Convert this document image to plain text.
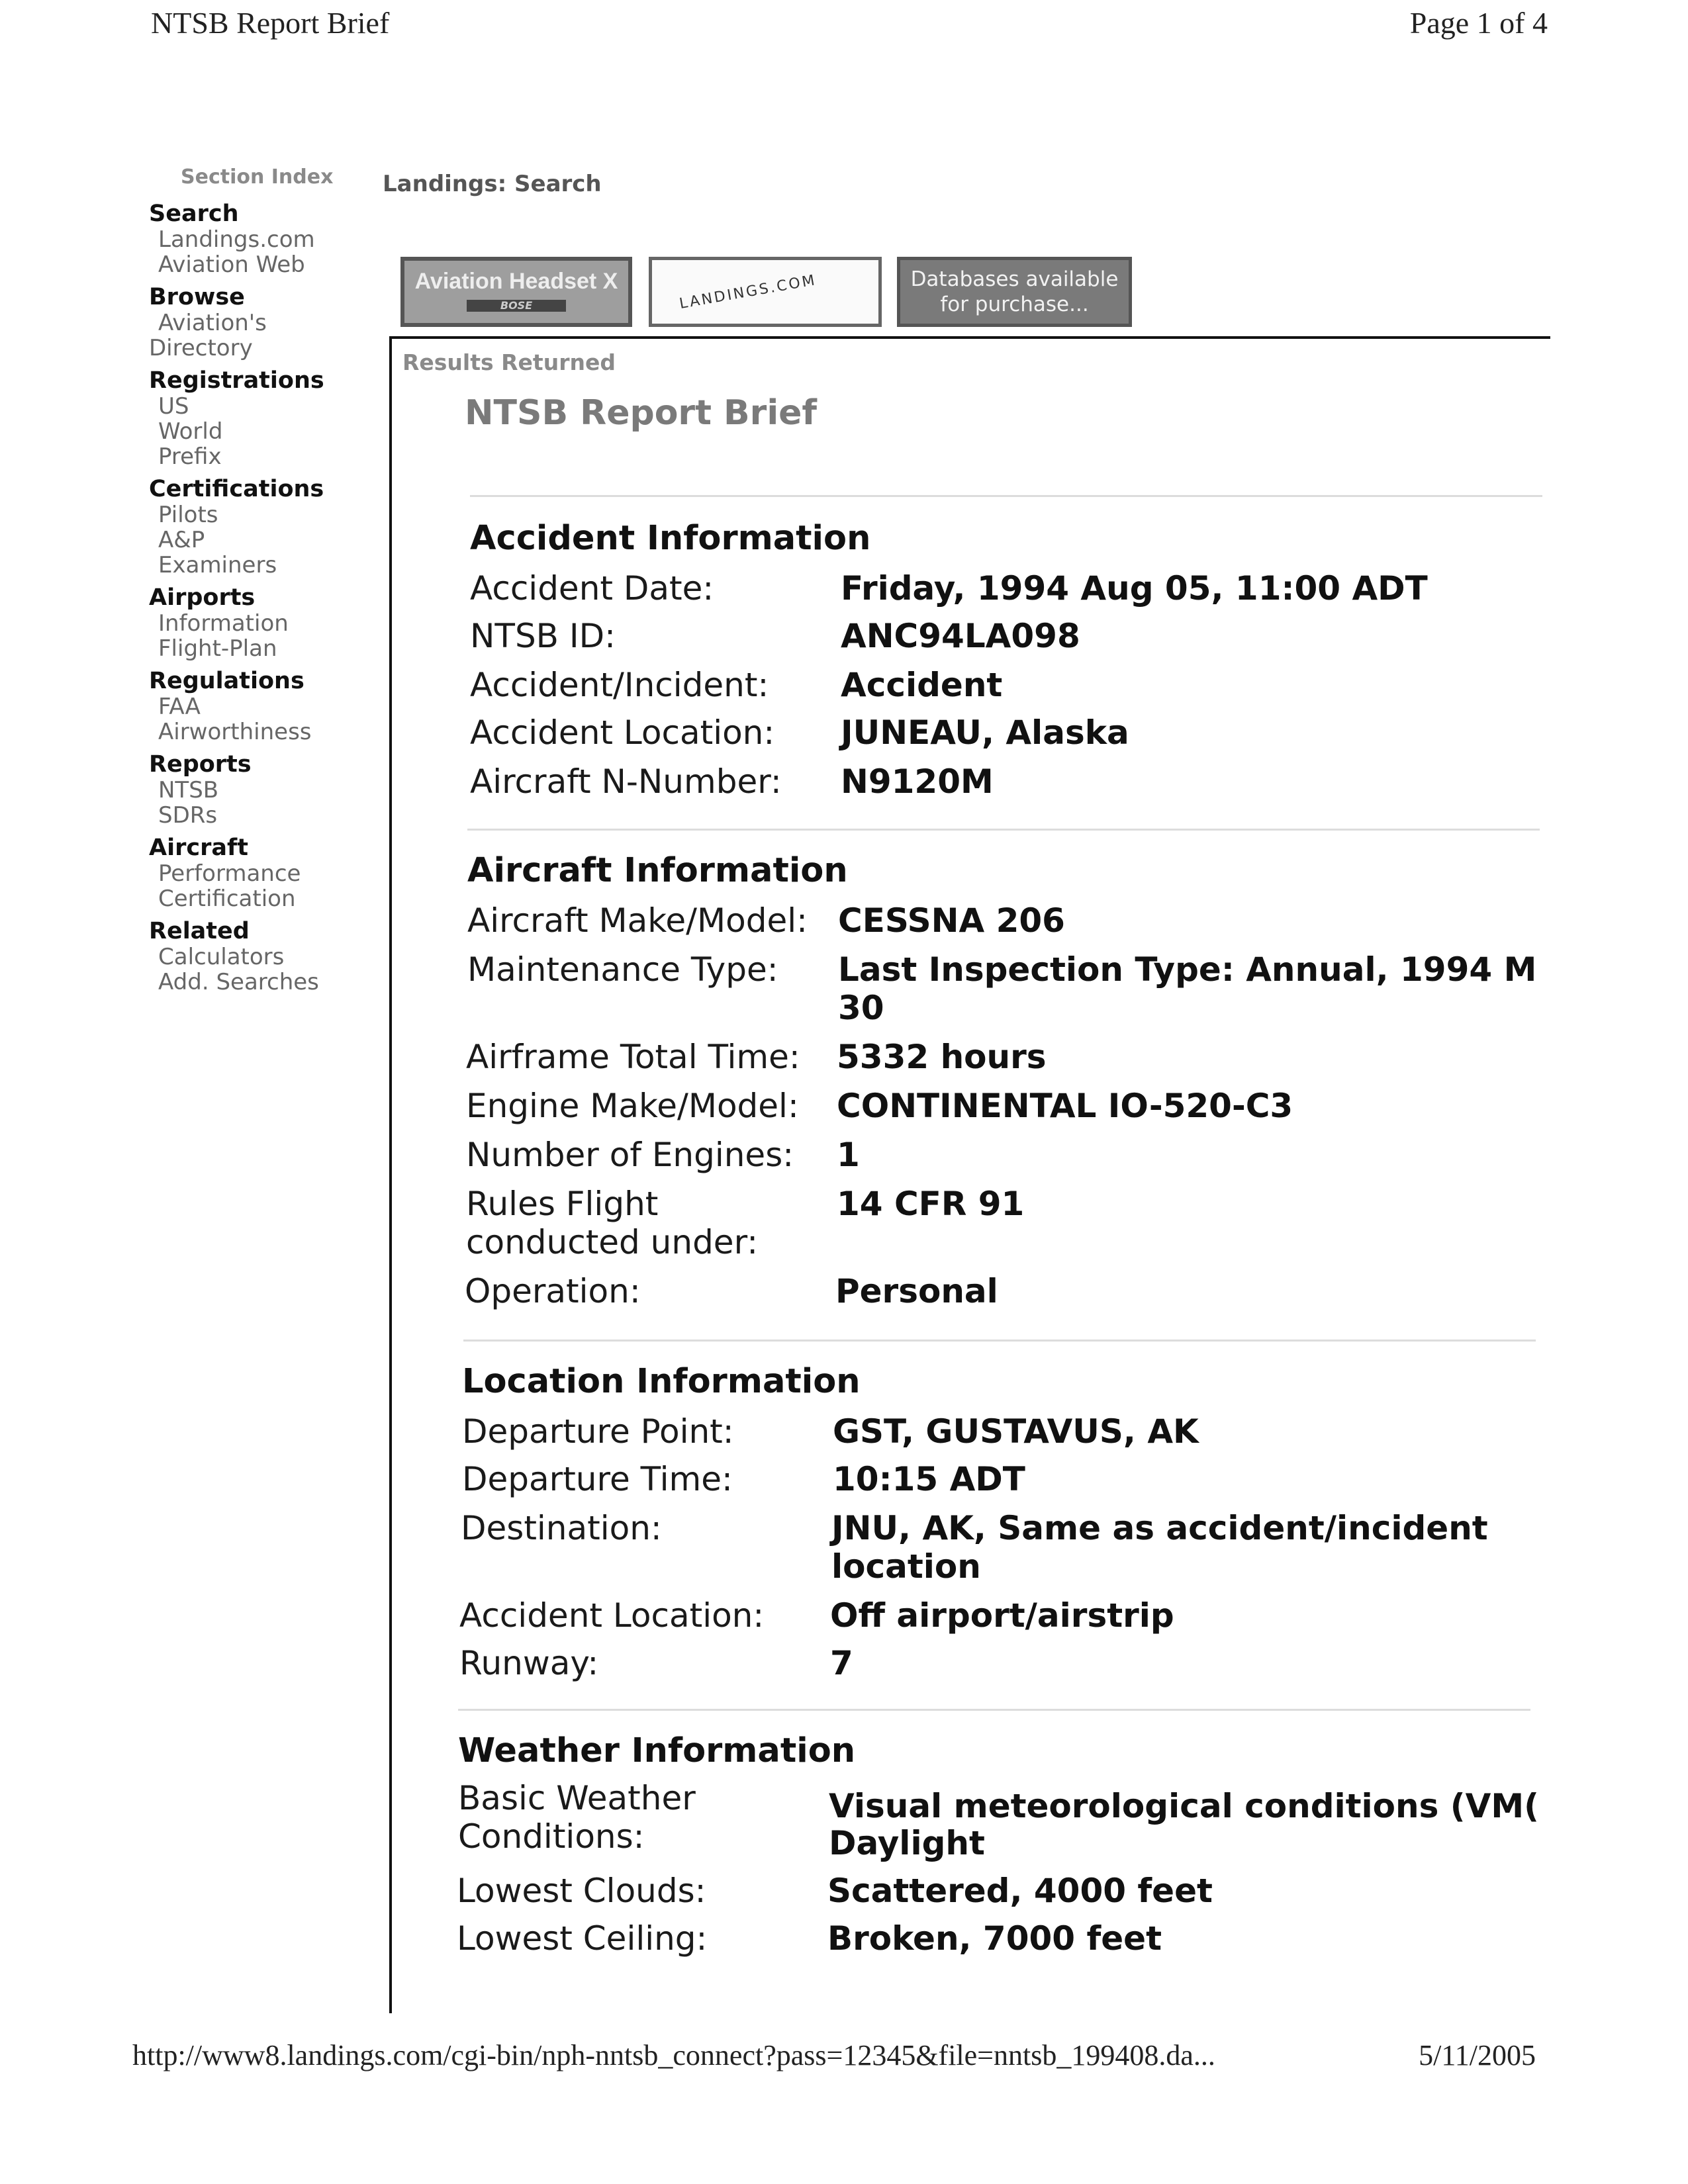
NTSB Report Brief	Page 1 of 4
Section Index
Search
Landings.com
Aviation Web
Browse
Aviation's
Directory
Registrations
US
World
Prefix
Certifications
Pilots
A&P
Examiners
Airports
Information
Flight-Plan
Regulations
FAA
Airworthiness
Reports
NTSB
SDRs
Aircraft
Performance
Certification
Related
Calculators
Add. Searches
Landings: Search
Aviation Headset X
BOSE	LANDINGS.COM	Databases available for purchase...
Results Returned
NTSB Report Brief
Accident Information
Accident Date:	Friday, 1994 Aug 05, 11:00 ADT
NTSB ID:	ANC94LA098
Accident/Incident: Accident
Accident Location: JUNEAU, Alaska
Aircraft N-Number: N9120M
Aircraft Information
Aircraft Make/Model: CESSNA 206
Maintenance Type: Last Inspection Type: Annual, 1994 M 30
Airframe Total Time: 5332 hours
Engine Make/Model: CONTINENTAL IO-520-C3
Number of Engines: 1
Rules Flight conducted under:
14 CFR 91
Operation:	Personal
Location Information
Departure Point:	GST, GUSTAVUS, AK
Departure Time:	10:15 ADT
Destination:	JNU, AK, Same as accident/incident location
Accident Location: Off airport/airstrip
Runway:	7
Weather Information
Basic Weather Conditions:
Visual meteorological conditions (VM(
Daylight
Lowest Clouds:	Scattered, 4000 feet
Lowest Ceiling:	Broken, 7000 feet
http://www8.landings.com/cgi-bin/nph-nntsb_connect?pass=12345&file=nntsb_199408.da...	5/11/2005
